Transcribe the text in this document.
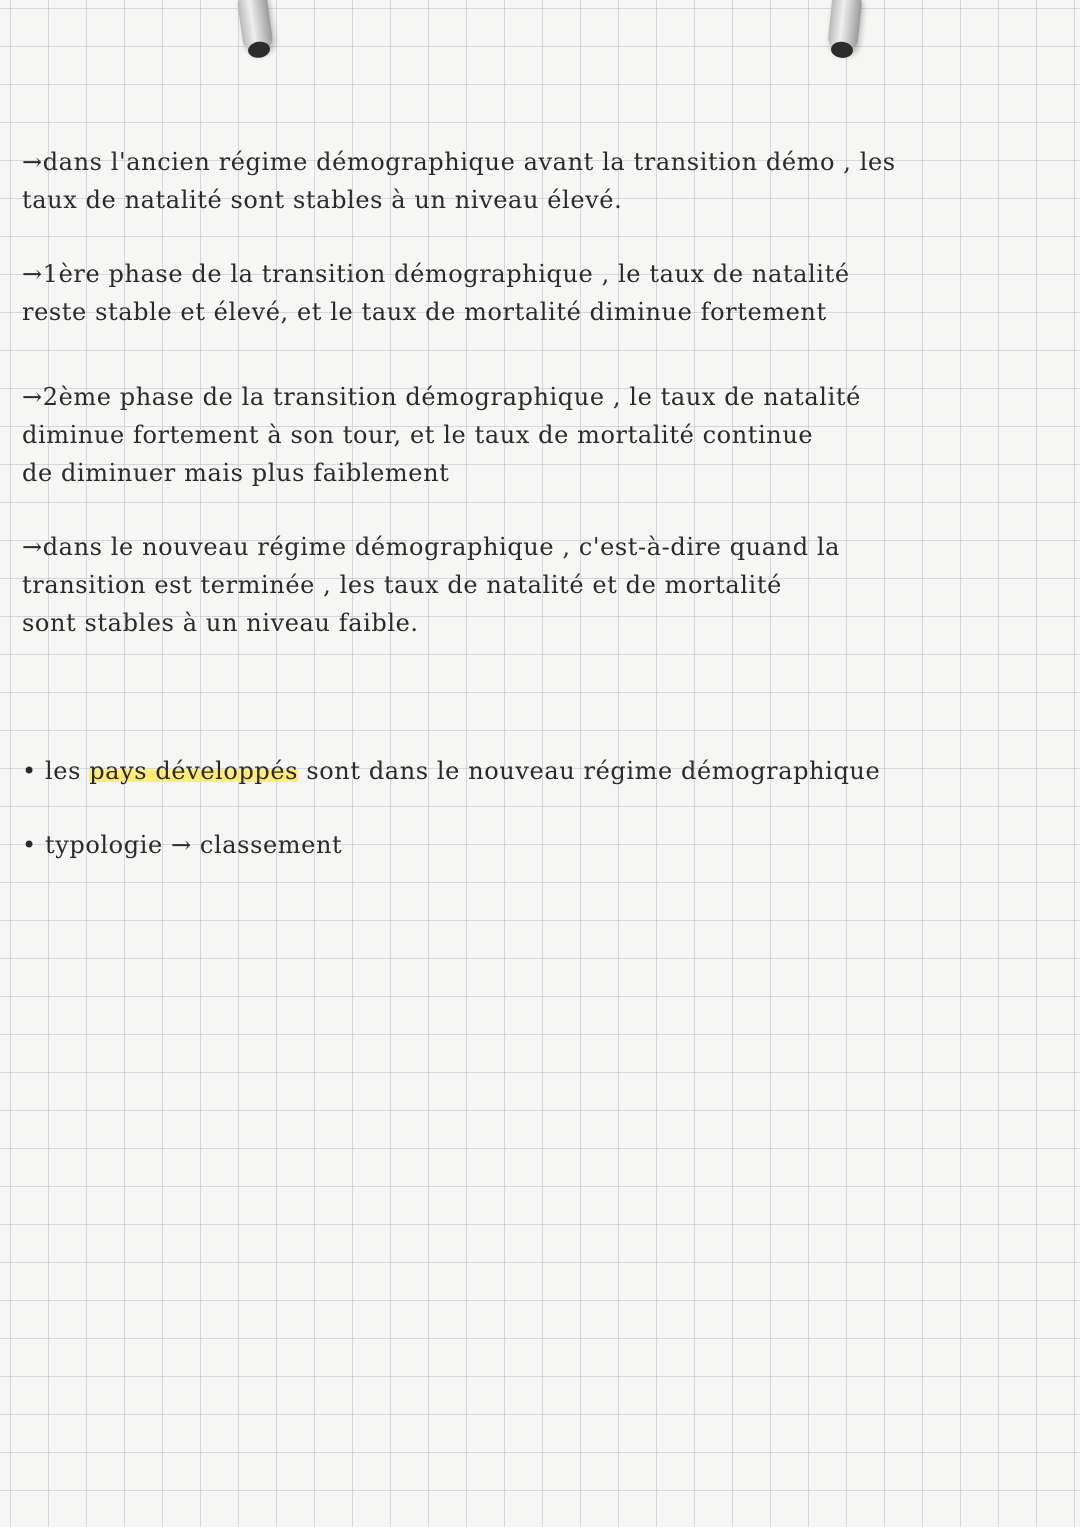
→dans l'ancien régime démographique avant la transition démo , les
taux de natalité sont stables à un niveau élevé.
→1ère phase de la transition démographique , le taux de natalité
reste stable et élevé, et le taux de mortalité diminue fortement
→2ème phase de la transition démographique , le taux de natalité
diminue fortement à son tour, et le taux de mortalité continue
de diminuer mais plus faiblement
→dans le nouveau régime démographique , c'est-à-dire quand la
transition est terminée , les taux de natalité et de mortalité
sont stables à un niveau faible.
• les pays développés sont dans le nouveau régime démographique
• typologie → classement
